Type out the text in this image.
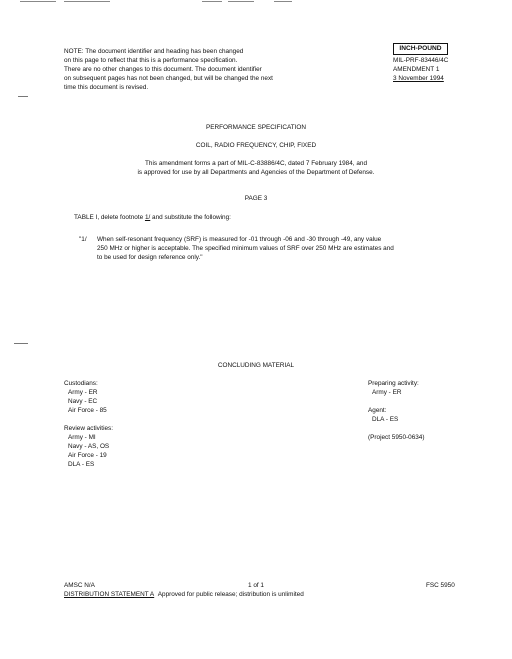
NOTE: The document identifier and heading has been changed
on this page to reflect that this is a performance specification.
There are no other changes to this document. The document identifier
on subsequent pages has not been changed, but will be changed the next
time this document is revised.
INCH-POUND
MIL-PRF-83446/4C
AMENDMENT 1
3 November 1994
PERFORMANCE SPECIFICATION
COIL, RADIO FREQUENCY, CHIP, FIXED
This amendment forms a part of MIL-C-83886/4C, dated 7 February 1984, and
is approved for use by all Departments and Agencies of the Department of Defense.
PAGE 3
TABLE I, delete footnote 1/ and substitute the following:
"1/ When self-resonant frequency (SRF) is measured for -01 through -06 and -30 through -49, any value
250 MHz or higher is acceptable. The specified minimum values of SRF over 250 MHz are estimates and
to be used for design reference only."
CONCLUDING MATERIAL
Custodians:
Army - ER
Navy - EC
Air Force - 85
Review activities:
Army - MI
Navy - AS, OS
Air Force - 19
DLA - ES
Preparing activity:
Army - ER
Agent:
DLA - ES
(Project 5950-0634)
AMSC N/A	1 of 1	FSC 5950
DISTRIBUTION STATEMENT A Approved for public release; distribution is unlimited
